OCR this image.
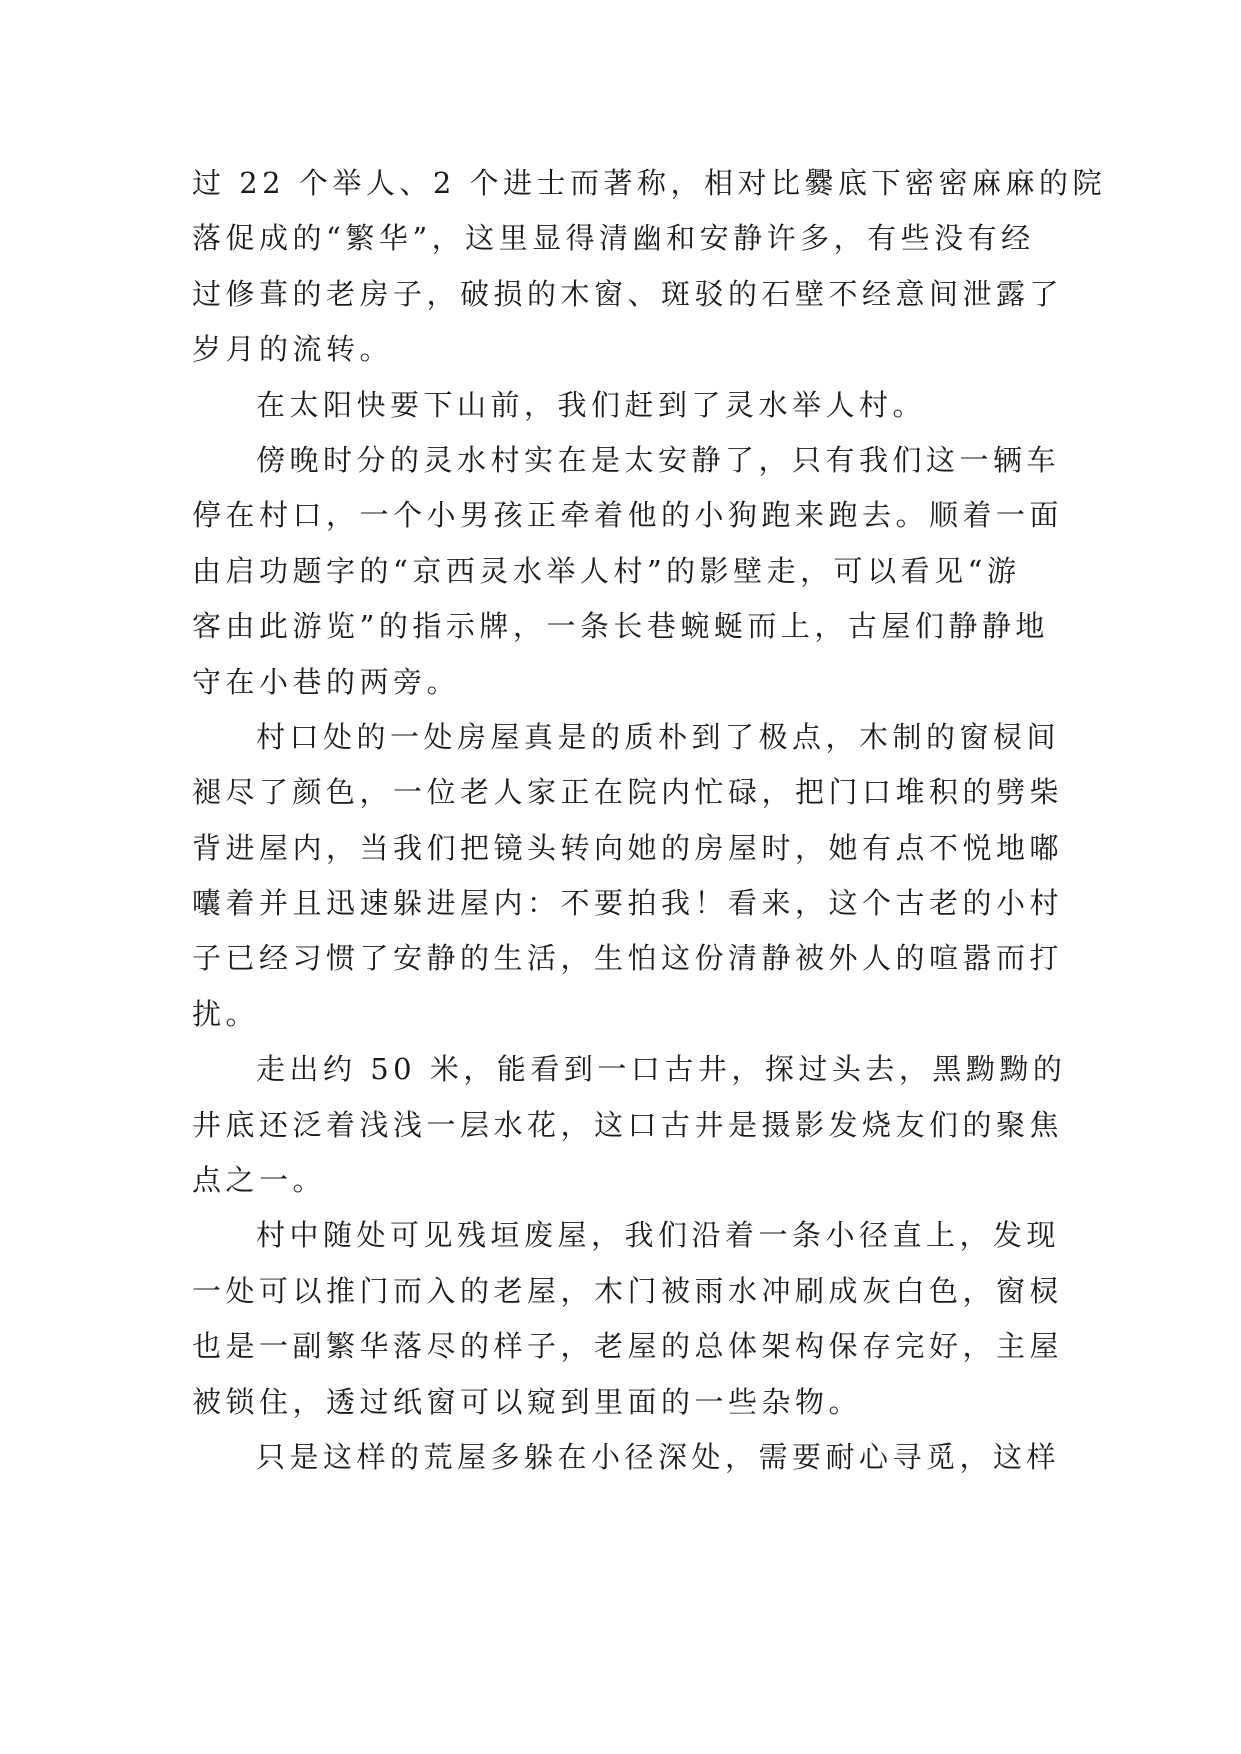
过 22 个举人、2 个进士而著称，相对比爨底下密密麻麻的院
落促成的“繁华”，这里显得清幽和安静许多，有些没有经
过修葺的老房子，破损的木窗、斑驳的石壁不经意间泄露了
岁月的流转。
在太阳快要下山前，我们赶到了灵水举人村。
傍晚时分的灵水村实在是太安静了，只有我们这一辆车
停在村口，一个小男孩正牵着他的小狗跑来跑去。顺着一面
由启功题字的“京西灵水举人村”的影壁走，可以看见“游
客由此游览”的指示牌，一条长巷蜿蜒而上，古屋们静静地
守在小巷的两旁。
村口处的一处房屋真是的质朴到了极点，木制的窗棂间
褪尽了颜色，一位老人家正在院内忙碌，把门口堆积的劈柴
背进屋内，当我们把镜头转向她的房屋时，她有点不悦地嘟
囔着并且迅速躲进屋内：不要拍我！看来，这个古老的小村
子已经习惯了安静的生活，生怕这份清静被外人的喧嚣而打
扰。
走出约 50 米，能看到一口古井，探过头去，黑黝黝的
井底还泛着浅浅一层水花，这口古井是摄影发烧友们的聚焦
点之一。
村中随处可见残垣废屋，我们沿着一条小径直上，发现
一处可以推门而入的老屋，木门被雨水冲刷成灰白色，窗棂
也是一副繁华落尽的样子，老屋的总体架构保存完好，主屋
被锁住，透过纸窗可以窥到里面的一些杂物。
只是这样的荒屋多躲在小径深处，需要耐心寻觅，这样
